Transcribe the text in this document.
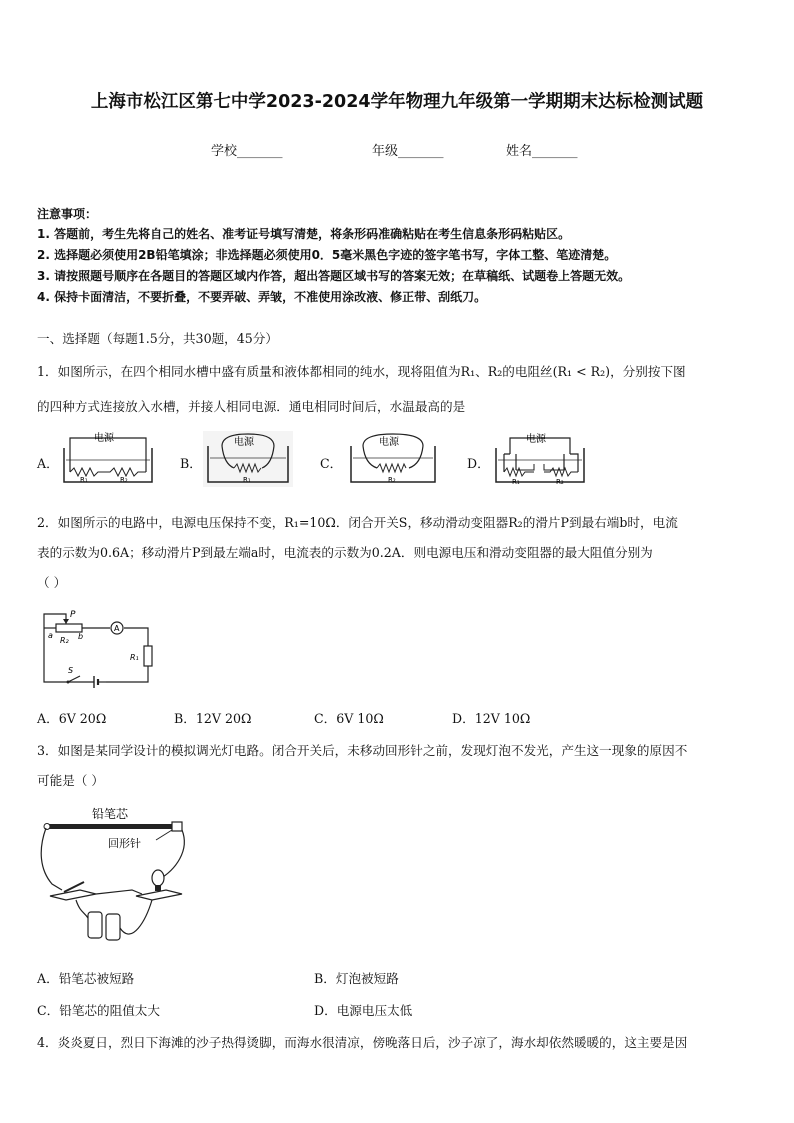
上海市松江区第七中学2023-2024学年物理九年级第一学期期末达标检测试题
学校_______	年级_______	姓名_______
注意事项：
1. 答题前，考生先将自己的姓名、准考证号填写清楚，将条形码准确粘贴在考生信息条形码粘贴区。
2. 选择题必须使用2B铅笔填涂；非选择题必须使用0．5毫米黑色字迹的签字笔书写，字体工整、笔迹清楚。
3. 请按照题号顺序在各题目的答题区域内作答，超出答题区域书写的答案无效；在草稿纸、试题卷上答题无效。
4. 保持卡面清洁，不要折叠，不要弄破、弄皱，不准使用涂改液、修正带、刮纸刀。
一、选择题（每题1.5分，共30题，45分）
1．如图所示，在四个相同水槽中盛有质量和液体都相同的纯水，现将阻值为R₁、R₂的电阻丝(R₁ < R₂)，分别按下图
的四种方式连接放入水槽，并接人相同电源．通电相同时间后，水温最高的是
A．
电源
R₁	R₂
B．
电源
R₁
C．
电源
R₂
D．
电源
R₁	R₂
2．如图所示的电路中，电源电压保持不变，R₁=10Ω．闭合开关S，移动滑动变阻器R₂的滑片P到最右端b时，电流
表的示数为0.6A；移动滑片P到最左端a时，电流表的示数为0.2A．则电源电压和滑动变阻器的最大阻值分别为
（ ）
P
a	b
R₂
A
R₁
S
A．6V 20Ω	B．12V 20Ω	C．6V 10Ω	D．12V 10Ω
3．如图是某同学设计的模拟调光灯电路。闭合开关后，未移动回形针之前，发现灯泡不发光，产生这一现象的原因不
可能是（ ）
铅笔芯
回形针
A．铅笔芯被短路	B．灯泡被短路
C．铅笔芯的阻值太大	D．电源电压太低
4．炎炎夏日，烈日下海滩的沙子热得烫脚，而海水很清凉，傍晚落日后，沙子凉了，海水却依然暖暖的，这主要是因
